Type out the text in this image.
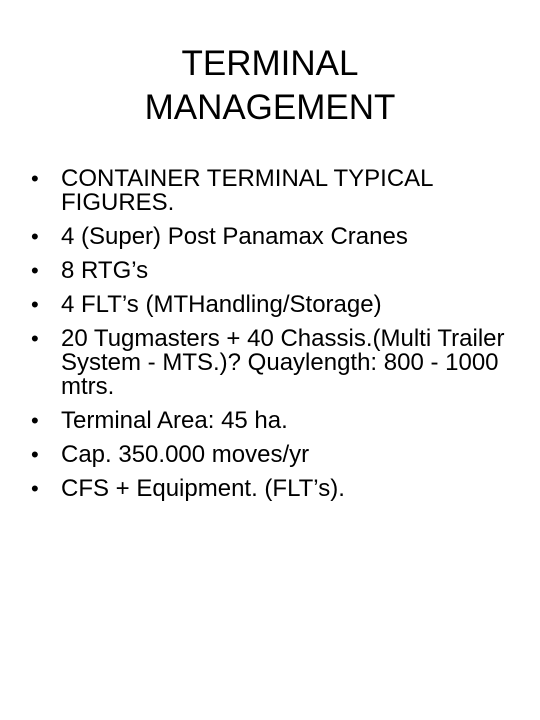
TERMINAL
MANAGEMENT
• CONTAINER TERMINAL TYPICAL FIGURES.
• 4 (Super) Post Panamax Cranes
• 8 RTG’s
• 4 FLT’s (MTHandling/Storage)
• 20 Tugmasters + 40 Chassis.(Multi Trailer System - MTS.)? Quaylength: 800 - 1000 mtrs.
• Terminal Area: 45 ha.
• Cap. 350.000 moves/yr
• CFS + Equipment. (FLT’s).
